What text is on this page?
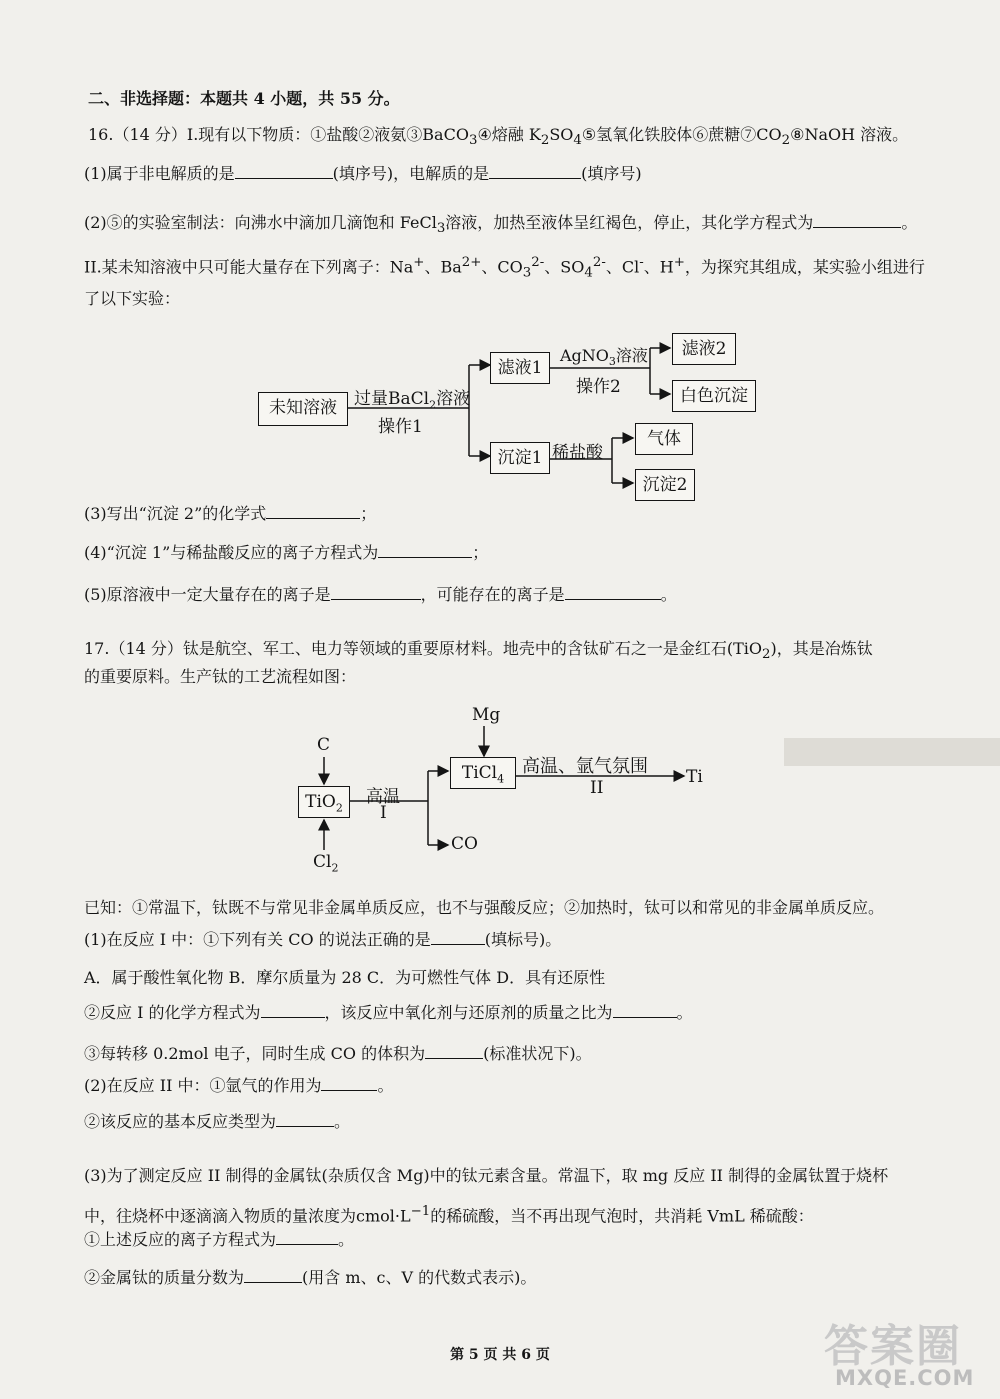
二、非选择题：本题共 4 小题，共 55 分。
16.（14 分）I.现有以下物质：①盐酸②液氨③BaCO$_3$④熔融 $K_2SO_4⑤$氢氧化铁胶体⑥蔗糖$⑦CO_2⑧NaOH$ 溶液。
(1)属于非电解质的是	(填序号)，电解质的是	(填序号)
(2)⑤的实验室制法：向沸水中滴加几滴饱和 FeCl$_3$溶液，加热至液体呈红褐色，停止，其化学方程式为	。
II.某未知溶液中只可能大量存在下列离子：Na+、$Ba^{2+}$、$CO_3^{2-}$、$SO_4^{2-}$、Cl-、H+，为探究其组成，某实验小组进行
了以下实验：
未知溶液	过量BaCl$_2$溶液
操作1
滤液1
AgNO$_3$溶液
操作2
滤液2
白色沉淀
沉淀1 稀盐酸
气体
沉淀2
(3)写出“沉淀 2”的化学式	；
(4)“沉淀 1”与稀盐酸反应的离子方程式为	；
(5)原溶液中一定大量存在的离子是	，可能存在的离子是	。
17.（14 分）钛是航空、军工、电力等领域的重要原材料。地壳中的含钛矿石之一是金红石(TiO$_2$)，其是冶炼钛
的重要原料。生产钛的工艺流程如图：
C
TiO$_2$
$Cl_2$
高温
I
TiCl$_4$
CO
Mg
高温、氩气氛围
II
Ti
已知：①常温下，钛既不与常见非金属单质反应，也不与强酸反应；②加热时，钛可以和常见的非金属单质反应。
(1)在反应 I 中：①下列有关 CO 的说法正确的是	(填标号)。
A．属于酸性氧化物 B．摩尔质量为 28 C．为可燃性气体 D．具有还原性
②反应 I 的化学方程式为	，该反应中氧化剂与还原剂的质量之比为	。
③每转移 0.2mol 电子，同时生成 CO 的体积为	(标准状况下)。
(2)在反应 II 中：①氩气的作用为	。
②该反应的基本反应类型为	。
(3)为了测定反应 II 制得的金属钛(杂质仅含 Mg)中的钛元素含量。常温下，取 mg 反应 II 制得的金属钛置于烧杯
中，往烧杯中逐滴滴入物质的量浓度为$cmol\cdot L^{-1}$的稀硫酸，当不再出现气泡时，共消耗 VmL 稀硫酸：
①上述反应的离子方程式为	。
②金属钛的质量分数为	(用含 m、c、V 的代数式表示)。
第 5 页 共 6 页	答案圈
MXQE.COM
